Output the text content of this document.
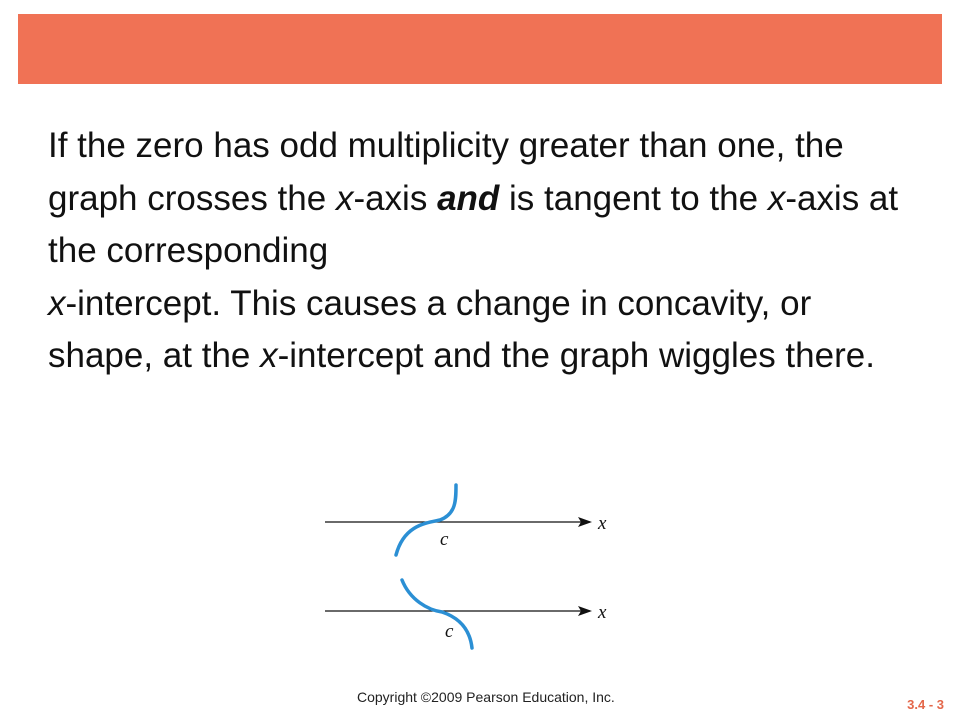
If the zero has odd multiplicity greater than one, the graph crosses the x-axis and is tangent to the x-axis at the corresponding
x-intercept. This causes a change in concavity, or shape, at the x-intercept and the graph wiggles there.

x
c
x
c
Copyright ©2009 Pearson Education, Inc.	3.4 - 3
